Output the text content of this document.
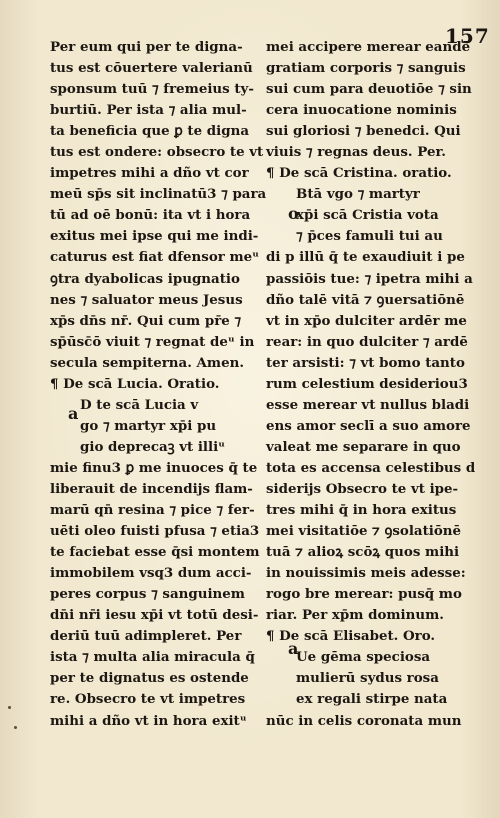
157
Per eum qui per te digna-
tus est cōuertere valerianū
sponsum tuū ⁊ fremeius ty-
burtiū. Per ista ⁊ alia mul-
ta beneficia que ꝑ te digna
tus est ondere: obsecro te vt
impetres mihi a dño vt cor
meū sp̄s sit inclinatū3 ⁊ para
tū ad oē bonū: ita vt i hora
exitus mei ipse qui me indi-
caturus est fiat dfensor meᵘ
ꝯtra dyabolicas ipugnatio
nes ⁊ saluator meus Jesus
xp̄s dn̄s nr̄. Qui cum pr̄e ⁊
sp̄ūsc̄ō viuit ⁊ regnat deᵘ in
secula sempiterna. Amen.
¶ De scā Lucia. Oratio.
D te scā Lucia v
go ⁊ martyr xp̄i pu
gio deprecaꝫ vt illiᵘ
mie finu3 ꝑ me inuoces q̄ te
liberauit de incendijs flam-
marū qn̄ resina ⁊ pice ⁊ fer-
uēti oleo fuisti pfusa ⁊ etia3
te faciebat esse q̄si montem
immobilem vsq3 dum acci-
peres corpus ⁊ sanguinem
dn̄i nr̄i iesu xp̄i vt totū desi-
deriū tuū adimpleret. Per
ista ⁊ multa alia miracula q̄
per te dignatus es ostende
re. Obsecro te vt impetres
mihi a dño vt in hora exitᵘ
mei accipere merear eandē
gratiam corporis ⁊ sanguis
sui cum para deuotiōe ⁊ sin
cera inuocatione nominis
sui gloriosi ⁊ benedci. Qui
viuis ⁊ regnas deus. Per.
¶ De scā Cristina. oratio.
Btā vgo ⁊ martyr
xp̄i scā Cristia vota
⁊ p̄ces famuli tui au
di p illū q̄ te exaudiuit i pe
passiōis tue: ⁊ ipetra mihi a
dño talē vitā ⁊ ꝯuersatiōnē
vt in xp̄o dulciter ardēr me
rear: in quo dulciter ⁊ ardē
ter arsisti: ⁊ vt bomo tanto
rum celestium desideriou3
esse merear vt nullus bladi
ens amor seclī a suo amore
valeat me separare in quo
tota es accensa celestibus d
siderijs Obsecro te vt ipe-
tres mihi q̄ in hora exitus
mei visitatiōe ⁊ ꝯsolatiōnē
tuā ⁊ alioꝝ scōꝝ quos mihi
in nouissimis meis adesse:
rogo bre merear: pusq̄ mo
riar. Per xp̄m dominum.
¶ De scā Elisabet. Oro.
Ue gēma speciosa
mulierū sydus rosa
ex regali stirpe nata
nūc in celis coronata mun
a
o
a
